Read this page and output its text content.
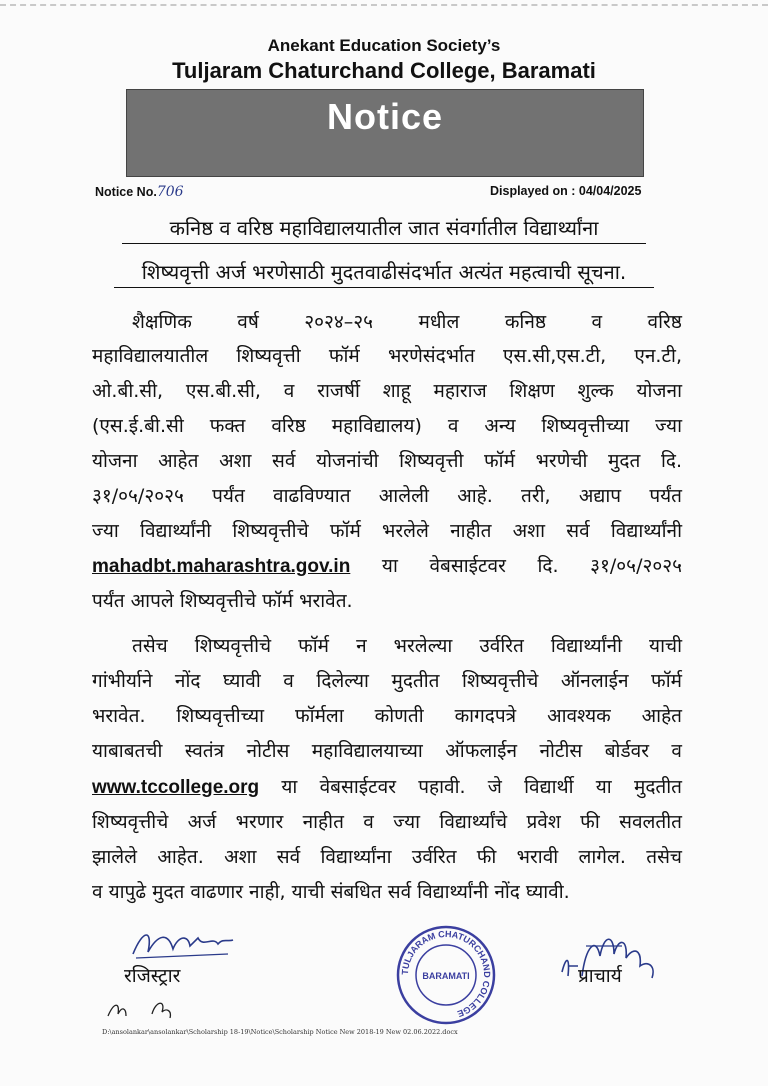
Anekant Education Society’s
Tuljaram Chaturchand College, Baramati
Notice
Notice No.706	Displayed on : 04/04/2025
कनिष्ठ व वरिष्ठ महाविद्यालयातील जात संवर्गातील विद्यार्थ्यांना
शिष्यवृत्ती अर्ज भरणेसाठी मुदतवाढीसंदर्भात अत्यंत महत्वाची सूचना.
शैक्षणिक वर्ष २०२४–२५ मधील कनिष्ठ व वरिष्ठ
महाविद्यालयातील शिष्यवृत्ती फॉर्म भरणेसंदर्भात एस.सी,एस.टी, एन.टी,
ओ.बी.सी, एस.बी.सी, व राजर्षी शाहू महाराज शिक्षण शुल्क योजना
(एस.ई.बी.सी फक्त वरिष्ठ महाविद्यालय) व अन्य शिष्यवृत्तीच्या ज्या
योजना आहेत अशा सर्व योजनांची शिष्यवृत्ती फॉर्म भरणेची मुदत दि.
३१/०५/२०२५ पर्यंत वाढविण्यात आलेली आहे. तरी, अद्याप पर्यंत
ज्या विद्यार्थ्यांनी शिष्यवृत्तीचे फॉर्म भरलेले नाहीत अशा सर्व विद्यार्थ्यांनी
mahadbt.maharashtra.gov.in या वेबसाईटवर दि. ३१/०५/२०२५
पर्यंत आपले शिष्यवृत्तीचे फॉर्म भरावेत.
तसेच शिष्यवृत्तीचे फॉर्म न भरलेल्या उर्वरित विद्यार्थ्यांनी याची
गांभीर्याने नोंद घ्यावी व दिलेल्या मुदतीत शिष्यवृत्तीचे ऑनलाईन फॉर्म
भरावेत. शिष्यवृत्तीच्या फॉर्मला कोणती कागदपत्रे आवश्यक आहेत
याबाबतची स्वतंत्र नोटीस महाविद्यालयाच्या ऑफलाईन नोटीस बोर्डवर व
www.tccollege.org या वेबसाईटवर पहावी. जे विद्यार्थी या मुदतीत
शिष्यवृत्तीचे अर्ज भरणार नाहीत व ज्या विद्यार्थ्यांचे प्रवेश फी सवलतीत
झालेले आहेत. अशा सर्व विद्यार्थ्यांना उर्वरित फी भरावी लागेल. तसेच
व यापुढे मुदत वाढणार नाही, याची संबधित सर्व विद्यार्थ्यांनी नोंद घ्यावी.
रजिस्ट्रार	TULJARAM CHATURCHAND COLLEGE
BARAMATI	प्राचार्य
D:\ansolankar\ansolankar\Scholarship 18-19\Notice\Scholarship Notice New 2018-19 New 02.06.2022.docx
